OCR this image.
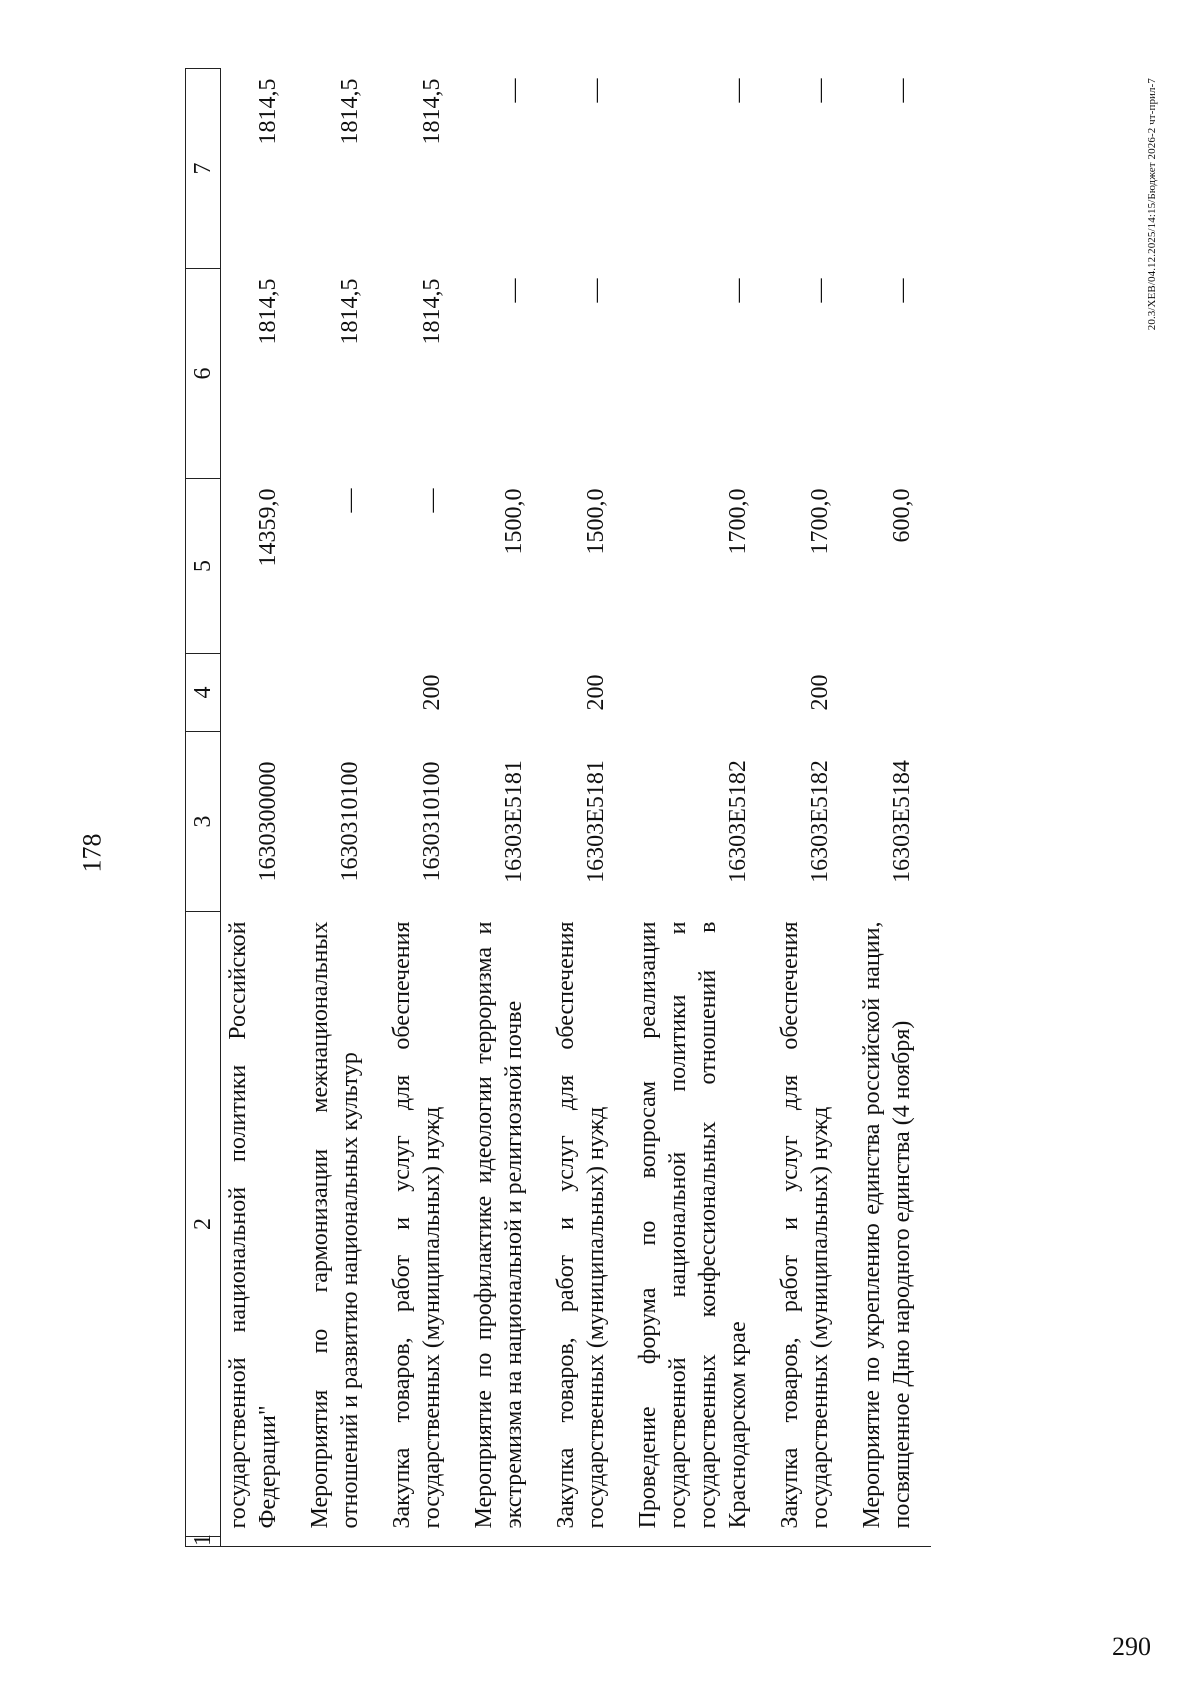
178
290
20.3/ХЕВ/04.12.2025/14:15/Бюджет 2026-2 чт-прил-7
1	2	3	4	5	6	7
	государственной национальной политики Российской Федерации"	1630300000		14359,0	1814,5	1814,5
	Мероприятия по гармонизации межнациональных отношений и развитию национальных культур	1630310100		—	1814,5	1814,5
	Закупка товаров, работ и услуг для обеспечения государственных (муниципальных) нужд	1630310100	200	—	1814,5	1814,5
	Мероприятие по профилактике идеологии терроризма и экстремизма на национальной и религиозной почве	16303E5181		1500,0	—	—
	Закупка товаров, работ и услуг для обеспечения государственных (муниципальных) нужд	16303E5181	200	1500,0	—	—
	Проведение форума по вопросам реализации государственной национальной политики и государственных конфессиональных отношений в Краснодарском крае	16303E5182		1700,0	—	—
	Закупка товаров, работ и услуг для обеспечения государственных (муниципальных) нужд	16303E5182	200	1700,0	—	—
	Мероприятие по укреплению единства российской нации, посвященное Дню народного единства (4 ноября)	16303E5184		600,0	—	—
